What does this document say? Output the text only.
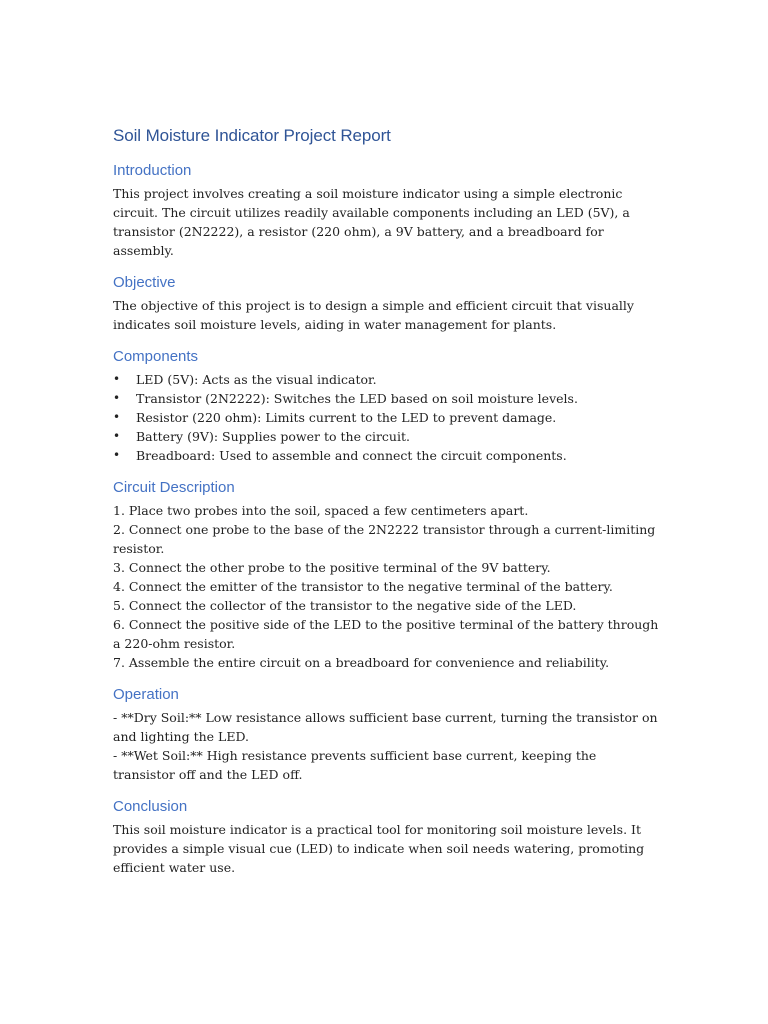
Soil Moisture Indicator Project Report
Introduction

This project involves creating a soil moisture indicator using a simple electronic circuit. The circuit utilizes readily available components including an LED (5V), a transistor (2N2222), a resistor (220 ohm), a 9V battery, and a breadboard for assembly.

Objective

The objective of this project is to design a simple and efficient circuit that visually indicates soil moisture levels, aiding in water management for plants.

Components
• LED (5V): Acts as the visual indicator.
• Transistor (2N2222): Switches the LED based on soil moisture levels.
• Resistor (220 ohm): Limits current to the LED to prevent damage.
• Battery (9V): Supplies power to the circuit.
• Breadboard: Used to assemble and connect the circuit components.
Circuit Description

1. Place two probes into the soil, spaced a few centimeters apart.

2. Connect one probe to the base of the 2N2222 transistor through a current-limiting resistor.

3. Connect the other probe to the positive terminal of the 9V battery.

4. Connect the emitter of the transistor to the negative terminal of the battery.

5. Connect the collector of the transistor to the negative side of the LED.

6. Connect the positive side of the LED to the positive terminal of the battery through a 220-ohm resistor.

7. Assemble the entire circuit on a breadboard for convenience and reliability.

Operation

- **Dry Soil:** Low resistance allows sufficient base current, turning the transistor on and lighting the LED.

- **Wet Soil:** High resistance prevents sufficient base current, keeping the transistor off and the LED off.

Conclusion

This soil moisture indicator is a practical tool for monitoring soil moisture levels. It provides a simple visual cue (LED) to indicate when soil needs watering, promoting efficient water use.
